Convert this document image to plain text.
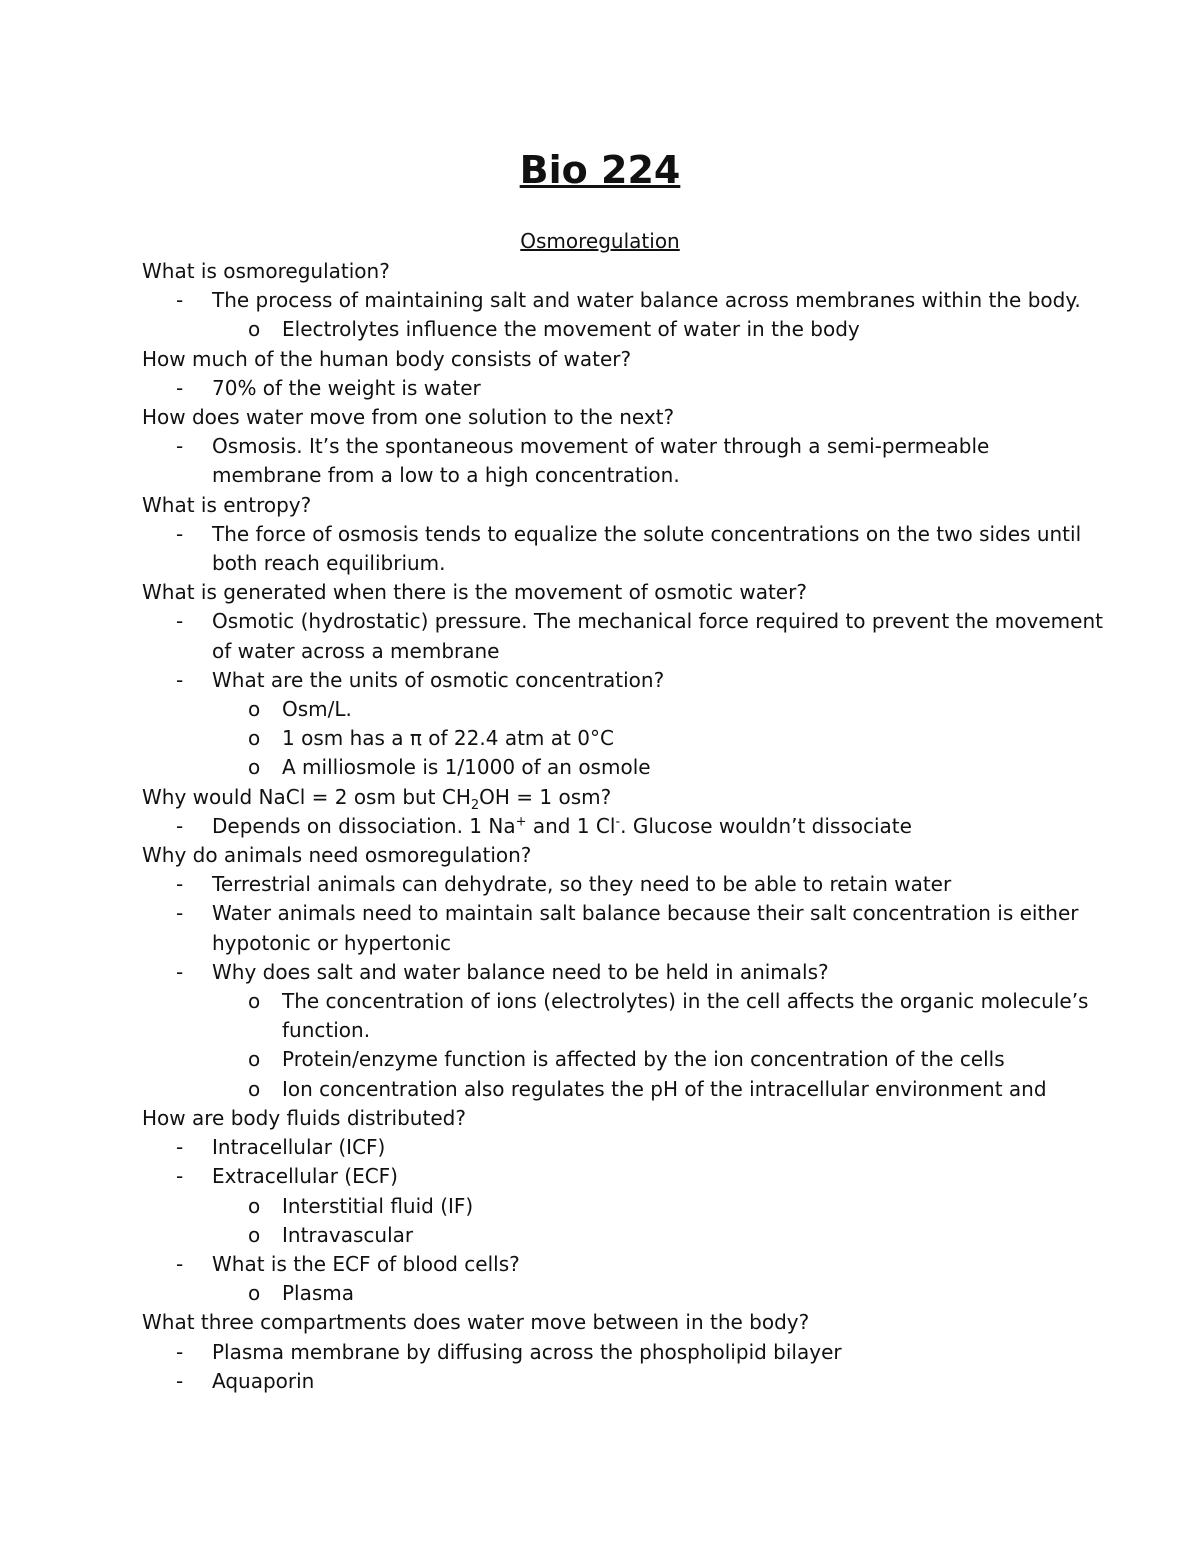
Bio 224
Osmoregulation
What is osmoregulation?
- The process of maintaining salt and water balance across membranes within the body.
o Electrolytes influence the movement of water in the body
How much of the human body consists of water?
- 70% of the weight is water
How does water move from one solution to the next?
- Osmosis. It’s the spontaneous movement of water through a semi-permeable
membrane from a low to a high concentration.
What is entropy?
- The force of osmosis tends to equalize the solute concentrations on the two sides until
both reach equilibrium.
What is generated when there is the movement of osmotic water?
- Osmotic (hydrostatic) pressure. The mechanical force required to prevent the movement
of water across a membrane
- What are the units of osmotic concentration?
o Osm/L.
o 1 osm has a π of 22.4 atm at 0°C
o A milliosmole is 1/1000 of an osmole
Why would NaCl = 2 osm but $CH_2OH = 1$ osm?
- Depends on dissociation. 1 Na+ and 1 Cl-. Glucose wouldn’t dissociate
Why do animals need osmoregulation?
- Terrestrial animals can dehydrate, so they need to be able to retain water
- Water animals need to maintain salt balance because their salt concentration is either
hypotonic or hypertonic
- Why does salt and water balance need to be held in animals?
o The concentration of ions (electrolytes) in the cell affects the organic molecule’s
function.
o Protein/enzyme function is affected by the ion concentration of the cells
o Ion concentration also regulates the pH of the intracellular environment and
How are body fluids distributed?
- Intracellular (ICF)
- Extracellular (ECF)
o Interstitial fluid (IF)
o Intravascular
- What is the ECF of blood cells?
o Plasma
What three compartments does water move between in the body?
- Plasma membrane by diffusing across the phospholipid bilayer
- Aquaporin
